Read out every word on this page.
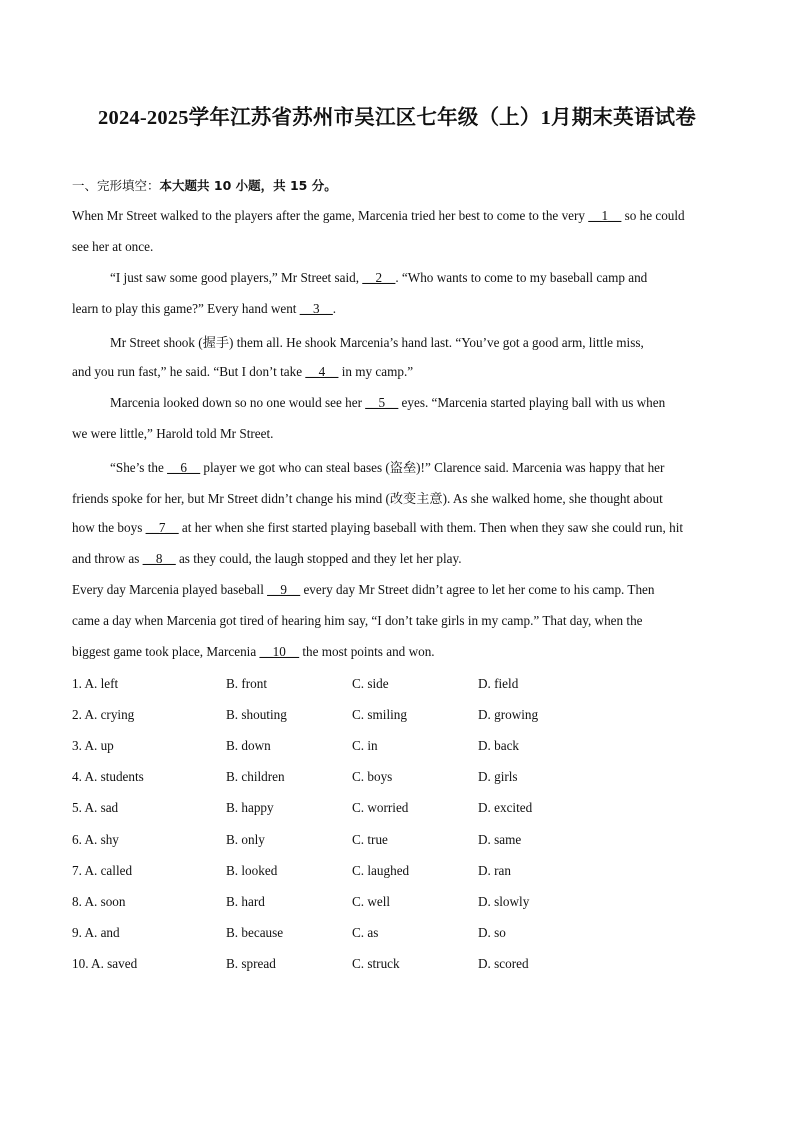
2024-2025学年江苏省苏州市吴江区七年级（上）1月期末英语试卷
一、完形填空：本大题共 10 小题，共 15 分。
When Mr Street walked to the players after the game, Marcenia tried her best to come to the very __1__ so he could
see her at once.
“I just saw some good players,” Mr Street said, __2__. “Who wants to come to my baseball camp and
learn to play this game?” Every hand went __3__.
Mr Street shook (握手) them all. He shook Marcenia’s hand last. “You’ve got a good arm, little miss,
and you run fast,” he said. “But I don’t take __4__ in my camp.”
Marcenia looked down so no one would see her __5__ eyes. “Marcenia started playing ball with us when
we were little,” Harold told Mr Street.
“She’s the __6__ player we got who can steal bases (盗垒)!” Clarence said. Marcenia was happy that her
friends spoke for her, but Mr Street didn’t change his mind (改变主意). As she walked home, she thought about
how the boys __7__ at her when she first started playing baseball with them. Then when they saw she could run, hit
and throw as __8__ as they could, the laugh stopped and they let her play.
Every day Marcenia played baseball __9__ every day Mr Street didn’t agree to let her come to his camp. Then
came a day when Marcenia got tired of hearing him say, “I don’t take girls in my camp.” That day, when the
biggest game took place, Marcenia __10__ the most points and won.
1. A. left	B. front	C. side	D. field
2. A. crying	B. shouting	C. smiling	D. growing
3. A. up	B. down	C. in	D. back
4. A. students	B. children	C. boys	D. girls
5. A. sad	B. happy	C. worried	D. excited
6. A. shy	B. only	C. true	D. same
7. A. called	B. looked	C. laughed	D. ran
8. A. soon	B. hard	C. well	D. slowly
9. A. and	B. because	C. as	D. so
10. A. saved	B. spread	C. struck	D. scored
